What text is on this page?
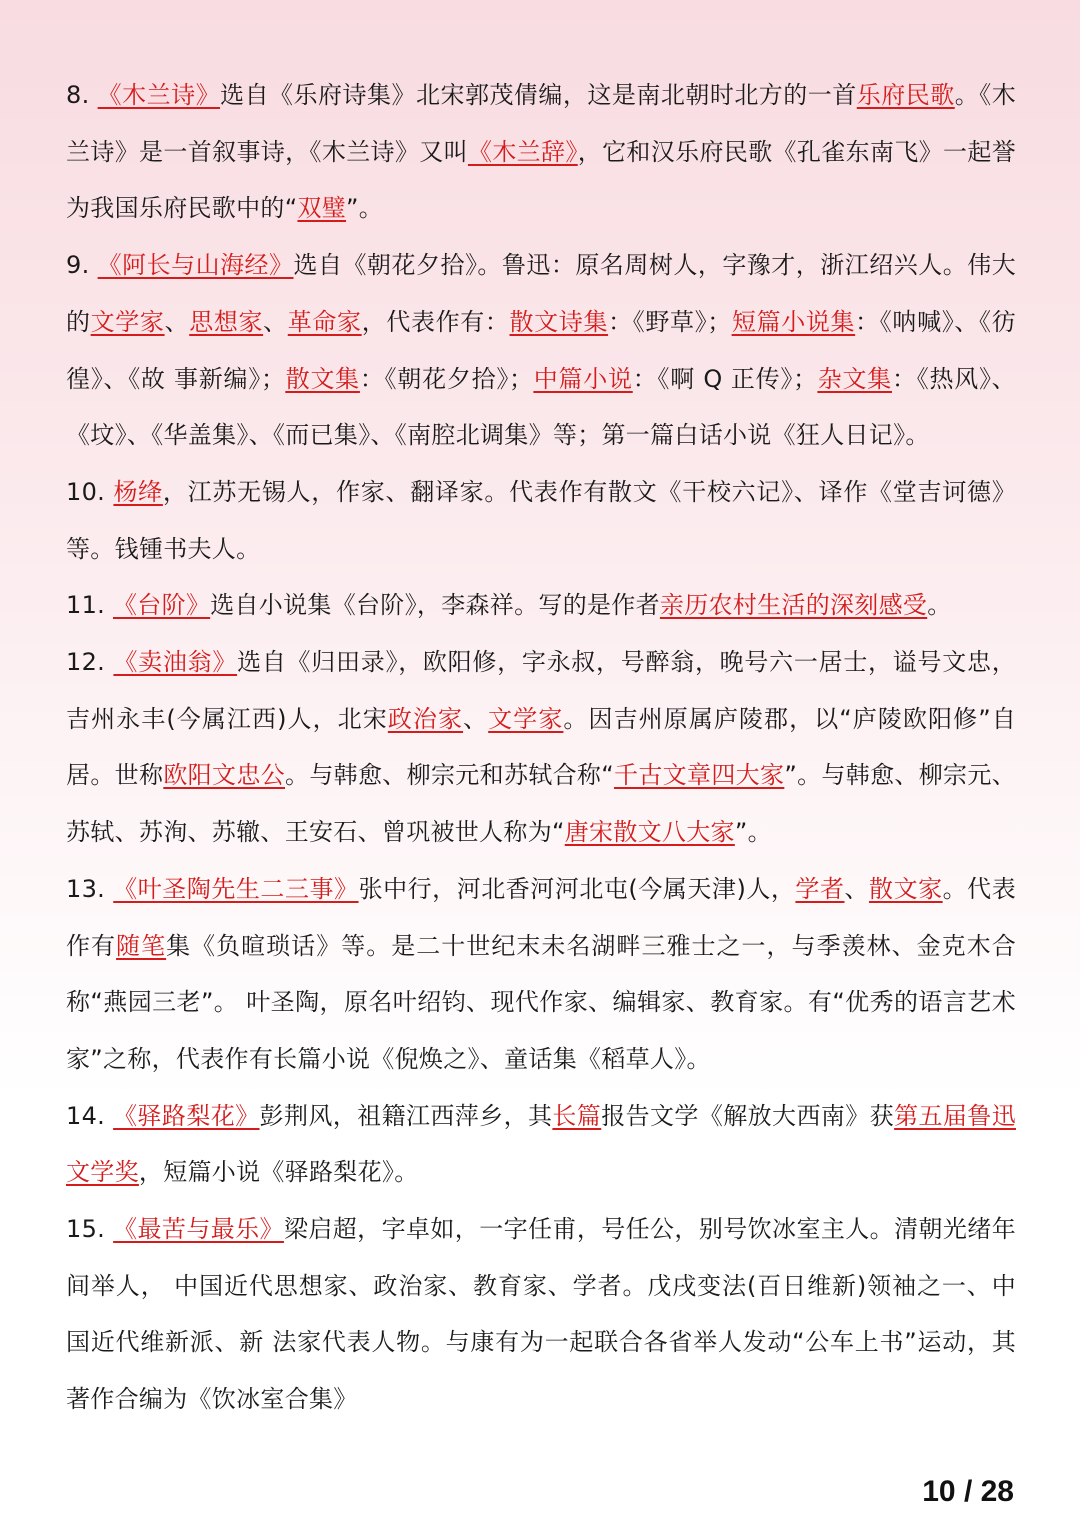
8. 《木兰诗》选自《乐府诗集》北宋郭茂倩编，这是南北朝时北方的一首乐府民歌。《木兰诗》是一首叙事诗，《木兰诗》又叫《木兰辞》，它和汉乐府民歌《孔雀东南飞》一起誉为我国乐府民歌中的“双璧”。

9. 《阿长与山海经》选自《朝花夕拾》。鲁迅：原名周树人，字豫才，浙江绍兴人。伟大的文学家、思想家、革命家，代表作有：散文诗集：《野草》；短篇小说集：《呐喊》、《彷徨》、《故 事新编》；散文集：《朝花夕拾》；中篇小说：《啊 Q 正传》；杂文集：《热风》、《坟》、《华盖集》、《而已集》、《南腔北调集》等；第一篇白话小说《狂人日记》。

10. 杨绛，江苏无锡人，作家、翻译家。代表作有散文《干校六记》、译作《堂吉诃德》等。钱锺书夫人。

11. 《台阶》选自小说集《台阶》，李森祥。写的是作者亲历农村生活的深刻感受。

12. 《卖油翁》选自《归田录》，欧阳修，字永叔，号醉翁，晚号六一居士，谥号文忠，吉州永丰(今属江西)人，北宋政治家、文学家。因吉州原属庐陵郡，以“庐陵欧阳修”自居。世称欧阳文忠公。与韩愈、柳宗元和苏轼合称“千古文章四大家”。与韩愈、柳宗元、苏轼、苏洵、苏辙、王安石、曾巩被世人称为“唐宋散文八大家”。

13. 《叶圣陶先生二三事》张中行，河北香河河北屯(今属天津)人，学者、散文家。代表作有随笔集《负暄琐话》等。是二十世纪末未名湖畔三雅士之一，与季羡林、金克木合称“燕园三老”。 叶圣陶，原名叶绍钧、现代作家、编辑家、教育家。有“优秀的语言艺术家”之称，代表作有长篇小说《倪焕之》、童话集《稻草人》。

14. 《驿路梨花》彭荆风，祖籍江西萍乡，其长篇报告文学《解放大西南》获第五届鲁迅文学奖，短篇小说《驿路梨花》。

15. 《最苦与最乐》梁启超，字卓如，一字任甫，号任公，别号饮冰室主人。清朝光绪年间举人， 中国近代思想家、政治家、教育家、学者。戊戌变法(百日维新)领袖之一、中国近代维新派、新 法家代表人物。与康有为一起联合各省举人发动“公车上书”运动，其著作合编为《饮冰室合集》

10 / 28
